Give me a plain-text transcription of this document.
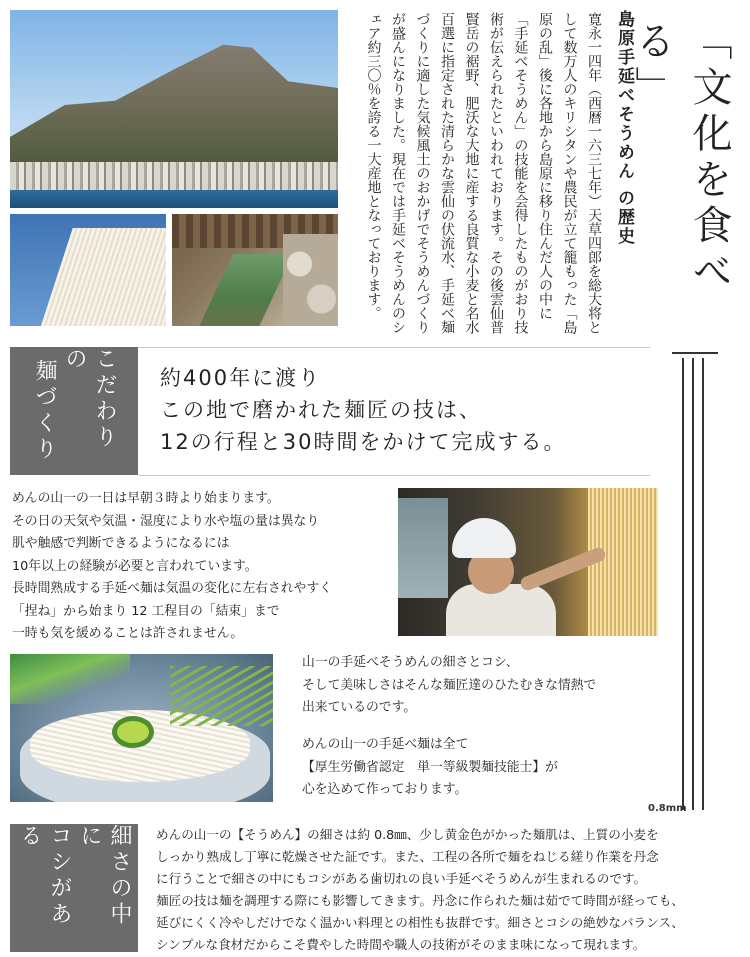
「文化を食べる」
島原手延べそうめん の歴史
寛永一四年（西暦一六三七年）天草四郎を総大将として数万人のキリシタンや農民が立て籠もった「島原の乱」後に各地から島原に移り住んだ人の中に「手延べそうめん」の技能を会得したものがおり技術が伝えられたといわれております。その後雲仙普賢岳の裾野、肥沃な大地に産する良質な小麦と名水百選に指定された清らかな雲仙の伏流水、手延べ麺づくりに適した気候風土のおかげでそうめんづくりが盛んになりました。現在では手延べそうめんのシェア約三〇％を誇る一大産地となっております。
0.8mm
こだわりの
麺づくり	約400年に渡り
この地で磨かれた麺匠の技は、
12の行程と30時間をかけて完成する。
めんの山一の一日は早朝３時より始まります。
その日の天気や気温・湿度により水や塩の量は異なり
肌や触感で判断できるようになるには
10年以上の経験が必要と言われています。
長時間熟成する手延べ麺は気温の変化に左右されやすく
「捏ね」から始まり 12 工程目の「結束」まで
一時も気を緩めることは許されません。
山一の手延べそうめんの細さとコシ、
そして美味しさはそんな麺匠達のひたむきな情熱で
出来ているのです。
めんの山一の手延べ麺は全て
【厚生労働省認定　単一等級製麺技能士】が
心を込めて作っております。
細さの中に
コシがある	めんの山一の【そうめん】の細さは約 0.8㎜、少し黄金色がかった麺肌は、上質の小麦を
しっかり熟成し丁寧に乾燥させた証です。また、工程の各所で麺をねじる縒り作業を丹念
に行うことで細さの中にもコシがある歯切れの良い手延べそうめんが生まれるのです。
麺匠の技は麺を調理する際にも影響してきます。丹念に作られた麺は茹でて時間が経っても、
延びにくく冷やしだけでなく温かい料理との相性も抜群です。細さとコシの絶妙なバランス、
シンプルな食材だからこそ費やした時間や職人の技術がそのまま味になって現れます。
